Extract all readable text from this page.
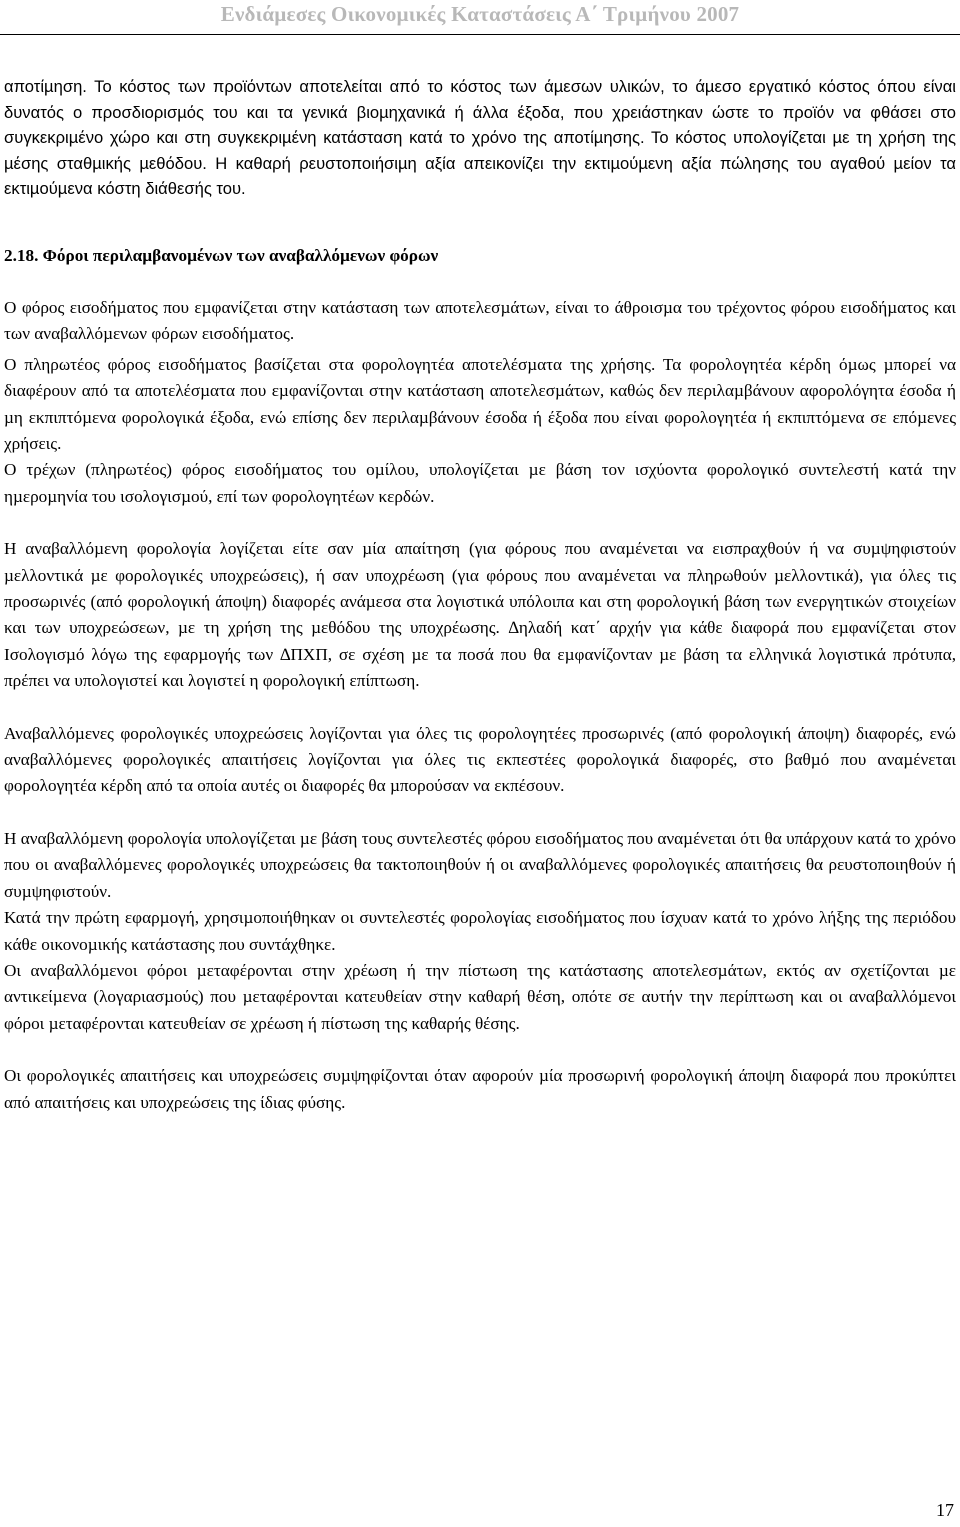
Ενδιάµεσες Οικονοµικές Καταστάσεις Α΄ Τριµήνου 2007

αποτίµηση. Το κόστος των προϊόντων αποτελείται από το κόστος των άµεσων υλικών, το άµεσο εργατικό κόστος όπου είναι δυνατός ο προσδιορισµός του και τα γενικά βιοµηχανικά ή άλλα έξοδα, που χρειάστηκαν ώστε το προϊόν να φθάσει στο συγκεκριµένο χώρο και στη συγκεκριµένη κατάσταση κατά το χρόνο της αποτίµησης. Το κόστος υπολογίζεται µε τη χρήση της µέσης σταθµικής µεθόδου. Η καθαρή ρευστοποιήσιµη αξία απεικονίζει την εκτιµούµενη αξία πώλησης του αγαθού µείον τα εκτιµούµενα κόστη διάθεσής του.

2.18. Φόροι περιλαµβανοµένων των αναβαλλόµενων φόρων

Ο φόρος εισοδήµατος που εµφανίζεται στην κατάσταση των αποτελεσµάτων, είναι το άθροισµα του τρέχοντος φόρου εισοδήµατος και των αναβαλλόµενων φόρων εισοδήµατος.

Ο πληρωτέος φόρος εισοδήµατος βασίζεται στα φορολογητέα αποτελέσµατα της χρήσης. Τα φορολογητέα κέρδη όµως µπορεί να διαφέρουν από τα αποτελέσµατα που εµφανίζονται στην κατάσταση αποτελεσµάτων, καθώς δεν περιλαµβάνουν αφορολόγητα έσοδα ή µη εκπιπτόµενα φορολογικά έξοδα, ενώ επίσης δεν περιλαµβάνουν έσοδα ή έξοδα που είναι φορολογητέα ή εκπιπτόµενα σε επόµενες χρήσεις.

Ο τρέχων (πληρωτέος) φόρος εισοδήµατος του οµίλου, υπολογίζεται µε βάση τον ισχύοντα φορολογικό συντελεστή κατά την ηµεροµηνία του ισολογισµού, επί των φορολογητέων κερδών.

Η αναβαλλόµενη φορολογία λογίζεται είτε σαν µία απαίτηση (για φόρους που αναµένεται να εισπραχθούν ή να συµψηφιστούν µελλοντικά µε φορολογικές υποχρεώσεις), ή σαν υποχρέωση (για φόρους που αναµένεται να πληρωθούν µελλοντικά), για όλες τις προσωρινές (από φορολογική άποψη) διαφορές ανάµεσα στα λογιστικά υπόλοιπα και στη φορολογική βάση των ενεργητικών στοιχείων και των υποχρεώσεων, µε τη χρήση της µεθόδου της υποχρέωσης. ∆ηλαδή κατ΄ αρχήν για κάθε διαφορά που εµφανίζεται στον Ισολογισµό λόγω της εφαρµογής των ∆ΠΧΠ, σε σχέση µε τα ποσά που θα εµφανίζονταν µε βάση τα ελληνικά λογιστικά πρότυπα, πρέπει να υπολογιστεί και λογιστεί η φορολογική επίπτωση.

Αναβαλλόµενες φορολογικές υποχρεώσεις λογίζονται για όλες τις φορολογητέες προσωρινές (από φορολογική άποψη) διαφορές, ενώ αναβαλλόµενες φορολογικές απαιτήσεις λογίζονται για όλες τις εκπεστέες φορολογικά διαφορές, στο βαθµό που αναµένεται φορολογητέα κέρδη από τα οποία αυτές οι διαφορές θα µπορούσαν να εκπέσουν.

Η αναβαλλόµενη φορολογία υπολογίζεται µε βάση τους συντελεστές φόρου εισοδήµατος που αναµένεται ότι θα υπάρχουν κατά το χρόνο που οι αναβαλλόµενες φορολογικές υποχρεώσεις θα τακτοποιηθούν ή οι αναβαλλόµενες φορολογικές απαιτήσεις θα ρευστοποιηθούν ή συµψηφιστούν.

Κατά την πρώτη εφαρµογή, χρησιµοποιήθηκαν οι συντελεστές φορολογίας εισοδήµατος που ίσχυαν κατά το χρόνο λήξης της περιόδου κάθε οικονοµικής κατάστασης που συντάχθηκε.

Οι αναβαλλόµενοι φόροι µεταφέρονται στην χρέωση ή την πίστωση της κατάστασης αποτελεσµάτων, εκτός αν σχετίζονται µε αντικείµενα (λογαριασµούς) που µεταφέρονται κατευθείαν στην καθαρή θέση, οπότε σε αυτήν την περίπτωση και οι αναβαλλόµενοι φόροι µεταφέρονται κατευθείαν σε χρέωση ή πίστωση της καθαρής θέσης.

Οι φορολογικές απαιτήσεις και υποχρεώσεις συµψηφίζονται όταν αφορούν µία προσωρινή φορολογική άποψη διαφορά που προκύπτει από απαιτήσεις και υποχρεώσεις της ίδιας φύσης.

17
